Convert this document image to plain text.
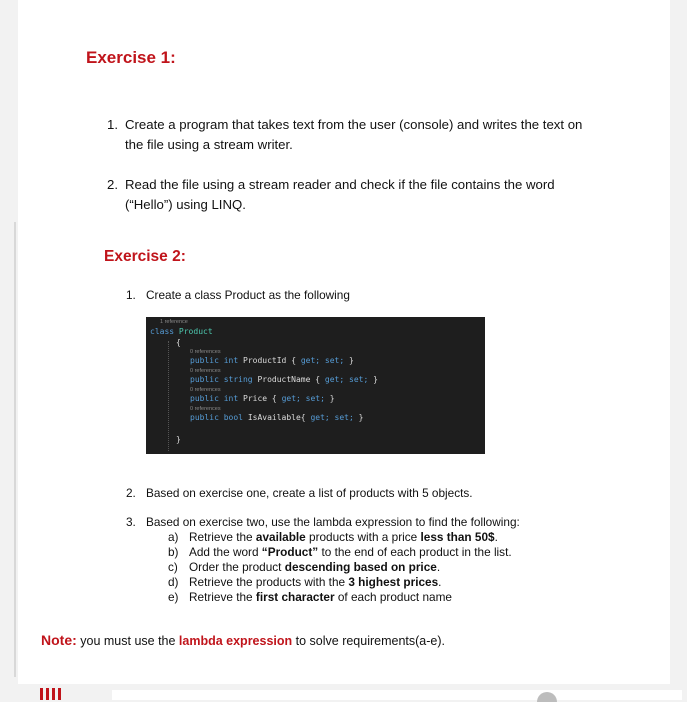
Exercise 1:
1. Create a program that takes text from the user (console) and writes the text on the file using a stream writer.
2. Read the file using a stream reader and check if the file contains the word (“Hello”) using LINQ.
Exercise 2:
1. Create a class Product as the following
1 reference
class Product
{
0 references
public int ProductId { get; set; }
0 references
public string ProductName { get; set; }
0 references
public int Price { get; set; }
0 references
public bool IsAvailable{ get; set; }
}
2. Based on exercise one, create a list of products with 5 objects.
3. Based on exercise two, use the lambda expression to find the following:
a) Retrieve the available products with a price less than 50$.
b) Add the word “Product” to the end of each product in the list.
c) Order the product descending based on price.
d) Retrieve the products with the 3 highest prices.
e) Retrieve the first character of each product name
Note: you must use the lambda expression to solve requirements(a-e).
